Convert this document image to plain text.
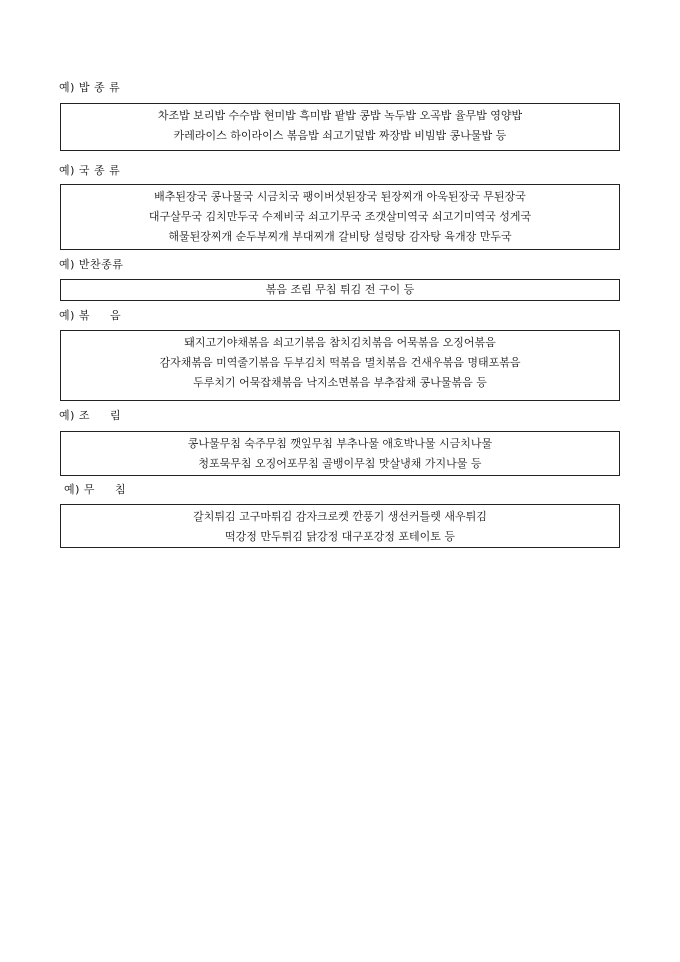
예) 밥 종 류
차조밥 보리밥 수수밥 현미밥 흑미밥 팥밥 콩밥 녹두밥 오곡밥 율무밥 영양밥
카레라이스 하이라이스 볶음밥 쇠고기덮밥 짜장밥 비빔밥 콩나물밥 등
예) 국 종 류
배추된장국 콩나물국 시금치국 팽이버섯된장국 된장찌개 아욱된장국 무된장국
대구살무국 김치만두국 수제비국 쇠고기무국 조갯살미역국 쇠고기미역국 성게국
해물된장찌개 순두부찌개 부대찌개 갈비탕 설렁탕 감자탕 육개장 만두국
예) 반찬종류
볶음 조림 무침 튀김 전 구이 등
예) 볶     음
돼지고기야채볶음 쇠고기볶음 참치김치볶음 어묵볶음 오징어볶음
감자채볶음 미역줄기볶음 두부김치 떡볶음 멸치볶음 건새우볶음 명태포볶음
두루치기 어묵잡채볶음 낙지소면볶음 부추잡채 콩나물볶음 등
예) 조     림
콩나물무침 숙주무침 깻잎무침 부추나물 애호박나물 시금치나물
청포묵무침 오징어포무침 골뱅이무침 맛살냉채 가지나물 등
예) 무     침
갈치튀김 고구마튀김 감자크로켓 깐풍기 생선커틀렛 새우튀김
떡강정 만두튀김 닭강정 대구포강정 포테이토 등
